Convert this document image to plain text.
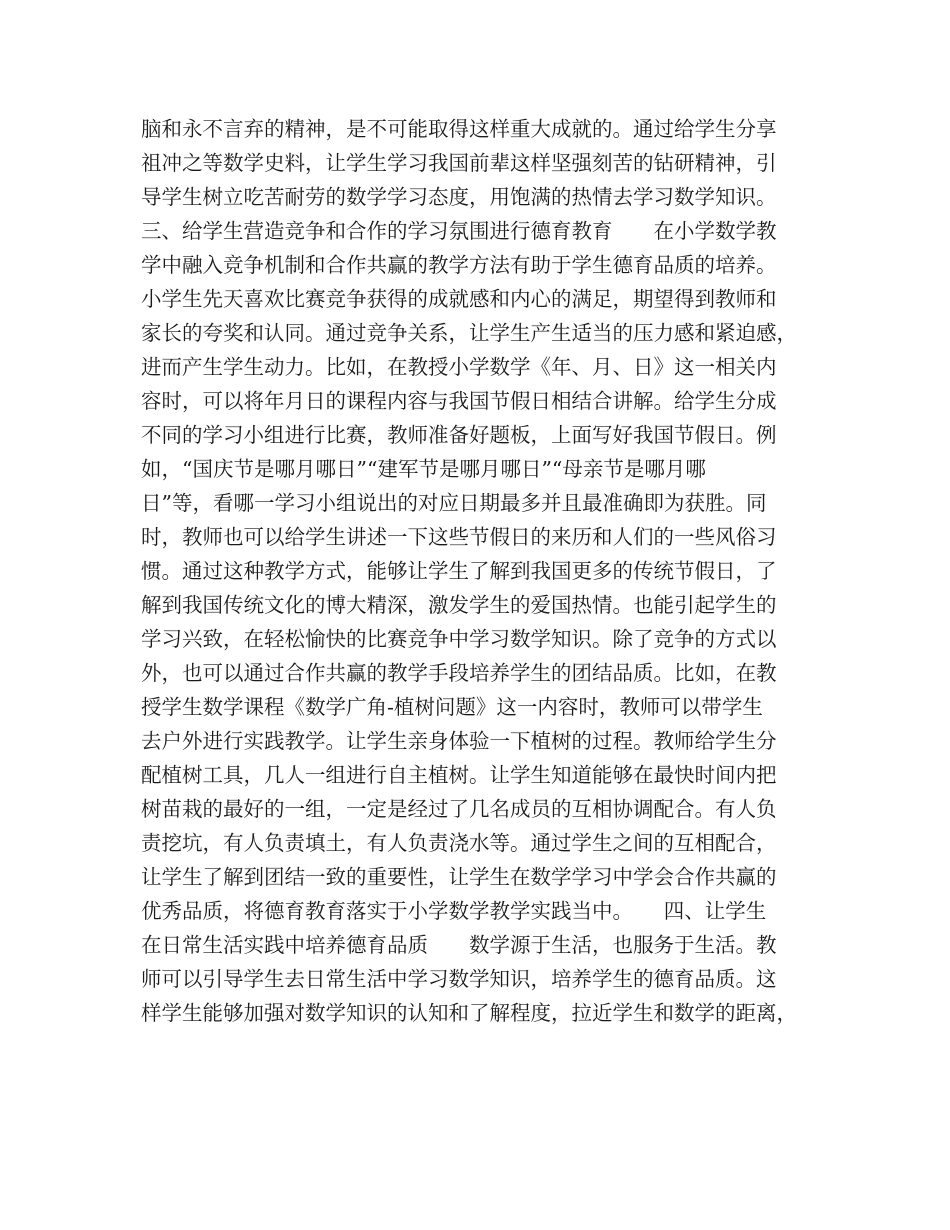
脑和永不言弃的精神，是不可能取得这样重大成就的。通过给学生分享
祖冲之等数学史料，让学生学习我国前辈这样坚强刻苦的钻研精神，引
导学生树立吃苦耐劳的数学学习态度，用饱满的热情去学习数学知识。
三、给学生营造竞争和合作的学习氛围进行德育教育　　在小学数学教
学中融入竞争机制和合作共赢的教学方法有助于学生德育品质的培养。
小学生先天喜欢比赛竞争获得的成就感和内心的满足，期望得到教师和
家长的夸奖和认同。通过竞争关系，让学生产生适当的压力感和紧迫感，
进而产生学生动力。比如，在教授小学数学《年、月、日》这一相关内
容时，可以将年月日的课程内容与我国节假日相结合讲解。给学生分成
不同的学习小组进行比赛，教师准备好题板，上面写好我国节假日。例
如，“国庆节是哪月哪日”“建军节是哪月哪日”“母亲节是哪月哪
日”等，看哪一学习小组说出的对应日期最多并且最准确即为获胜。同
时，教师也可以给学生讲述一下这些节假日的来历和人们的一些风俗习
惯。通过这种教学方式，能够让学生了解到我国更多的传统节假日，了
解到我国传统文化的博大精深，激发学生的爱国热情。也能引起学生的
学习兴致，在轻松愉快的比赛竞争中学习数学知识。除了竞争的方式以
外，也可以通过合作共赢的教学手段培养学生的团结品质。比如，在教
授学生数学课程《数学广角-植树问题》这一内容时，教师可以带学生
去户外进行实践教学。让学生亲身体验一下植树的过程。教师给学生分
配植树工具，几人一组进行自主植树。让学生知道能够在最快时间内把
树苗栽的最好的一组，一定是经过了几名成员的互相协调配合。有人负
责挖坑，有人负责填土，有人负责浇水等。通过学生之间的互相配合，
让学生了解到团结一致的重要性，让学生在数学学习中学会合作共赢的
优秀品质，将德育教育落实于小学数学教学实践当中。　　四、让学生
在日常生活实践中培养德育品质　　数学源于生活，也服务于生活。教
师可以引导学生去日常生活中学习数学知识，培养学生的德育品质。这
样学生能够加强对数学知识的认知和了解程度，拉近学生和数学的距离，
